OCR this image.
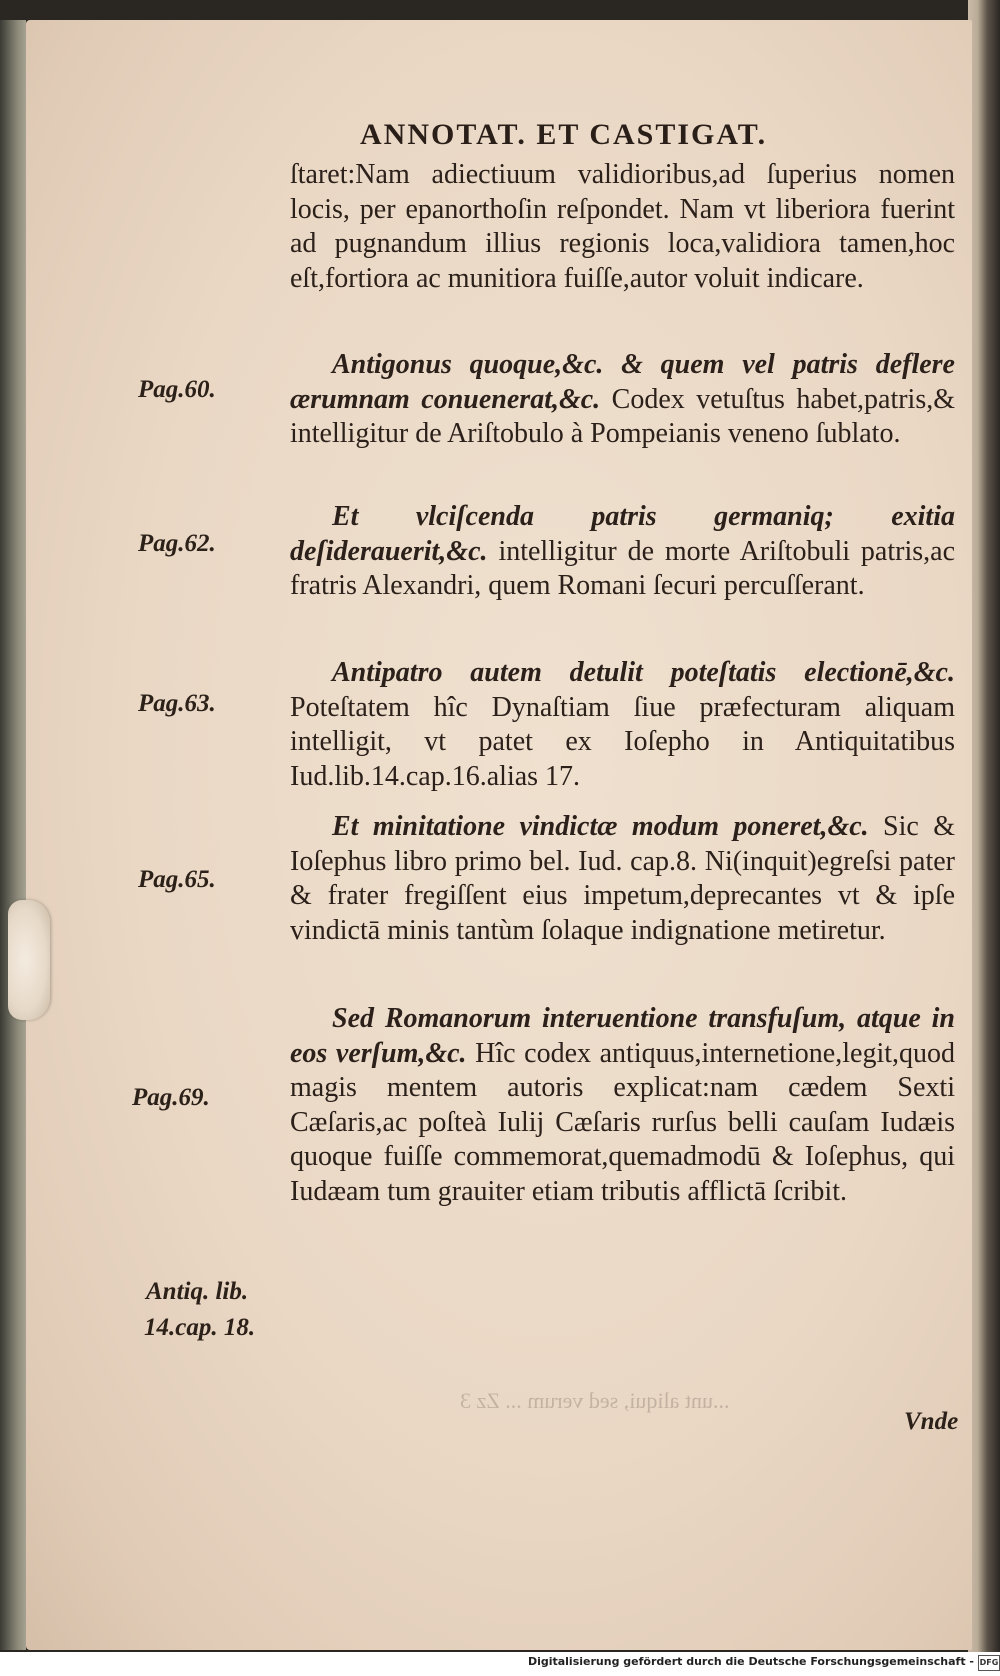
ANNOTAT. ET CASTIGAT.
ſtaret:Nam adiectiuum validioribus,ad ſuperius nomen locis, per epanorthoſin reſpondet. Nam vt liberiora fuerint ad pugnandum illius regionis loca,validiora tamen,hoc eſt,fortiora ac munitiora fuiſſe,autor voluit indicare.
Antigonus quoque,&c. & quem vel patris deflere ærumnam conuenerat,&c. Codex vetuſtus habet,patris,& intelligitur de Ariſtobulo à Pompeianis veneno ſublato.
Et vlciſcenda patris germaniq; exitia deſiderauerit,&c. intelligitur de morte Ariſtobuli patris,ac fratris Alexandri, quem Romani ſecuri percuſſerant.
Antipatro autem detulit poteſtatis electionē,&c. Poteſtatem hîc Dynaſtiam ſiue præfecturam aliquam intelligit, vt patet ex Ioſepho in Antiquitatibus Iud.lib.14.cap.16.alias 17.
Et minitatione vindictæ modum poneret,&c. Sic & Ioſephus libro primo bel. Iud. cap.8. Ni(inquit)egreſsi pater & frater fregiſſent eius impetum,deprecantes vt & ipſe vindictā minis tantùm ſolaque indignatione metiretur.
Sed Romanorum interuentione transfuſum, atque in eos verſum,&c. Hîc codex antiquus,internetione,legit,quod magis mentem autoris explicat:nam cædem Sexti Cæſaris,ac poſteà Iulij Cæſaris rurſus belli cauſam Iudæis quoque fuiſſe commemorat,quemadmodū & Ioſephus, qui Iudæam tum grauiter etiam tributis afflictā ſcribit.
Pag.60.
Pag.62.
Pag.63.
Pag.65.
Pag.69.
Antiq. lib.
14.cap. 18.
...unt aliqui, sed verum ... Zz 3
Vnde
Digitalisierung gefördert durch die Deutsche Forschungsgemeinschaft - DFG
